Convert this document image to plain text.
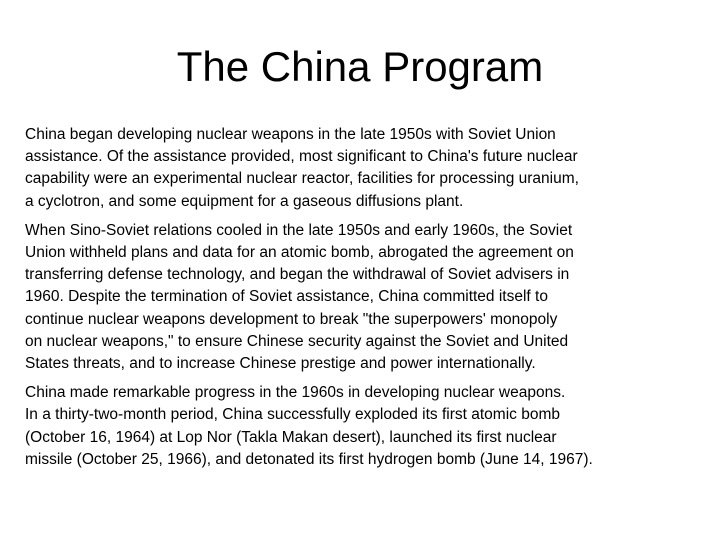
The China Program

China began developing nuclear weapons in the late 1950s with Soviet Union
assistance. Of the assistance provided, most significant to China's future nuclear
capability were an experimental nuclear reactor, facilities for processing uranium,
a cyclotron, and some equipment for a gaseous diffusions plant.

When Sino-Soviet relations cooled in the late 1950s and early 1960s, the Soviet
Union withheld plans and data for an atomic bomb, abrogated the agreement on
transferring defense technology, and began the withdrawal of Soviet advisers in
1960. Despite the termination of Soviet assistance, China committed itself to
continue nuclear weapons development to break "the superpowers' monopoly
on nuclear weapons," to ensure Chinese security against the Soviet and United
States threats, and to increase Chinese prestige and power internationally.

China made remarkable progress in the 1960s in developing nuclear weapons.
In a thirty-two-month period, China successfully exploded its first atomic bomb
(October 16, 1964) at Lop Nor (Takla Makan desert), launched its first nuclear
missile (October 25, 1966), and detonated its first hydrogen bomb (June 14, 1967).
